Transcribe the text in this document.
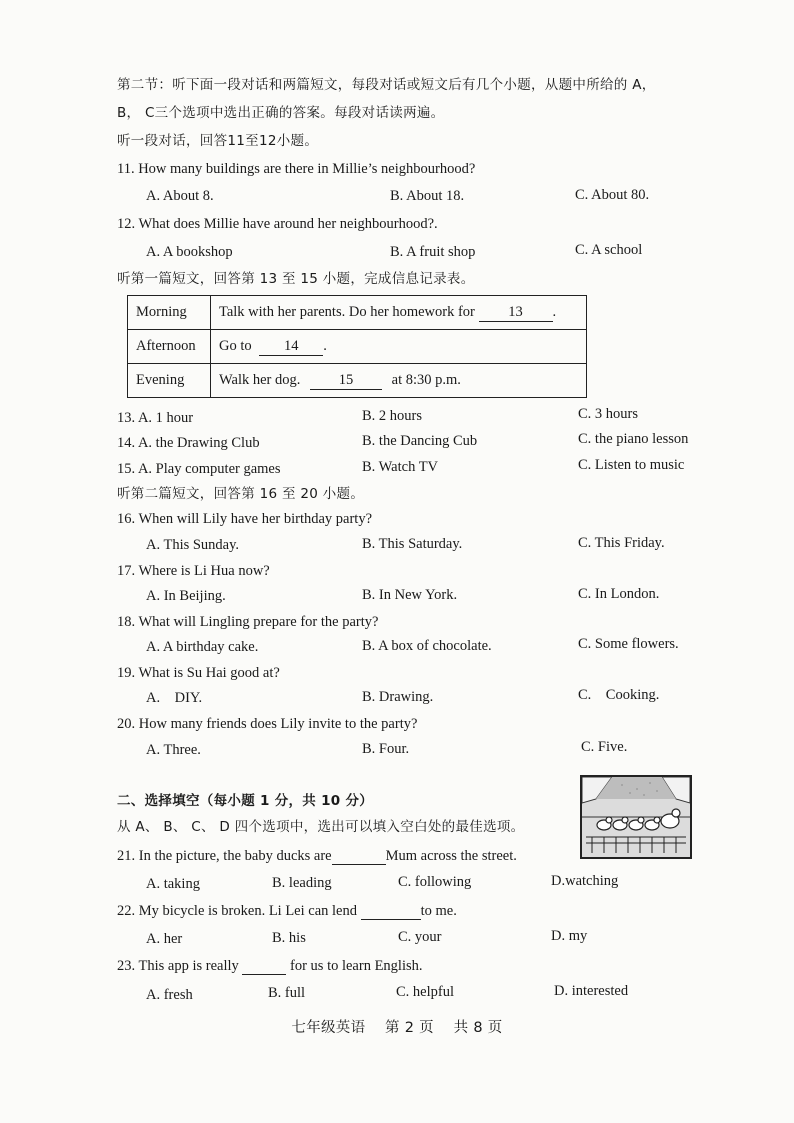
第二节：听下面一段对话和两篇短文，每段对话或短文后有几个小题，从题中所给的 A，
B， C三个选项中选出正确的答案。每段对话读两遍。
听一段对话，回答11至12小题。
11. How many buildings are there in Millie’s neighbourhood?
A. About 8.	B. About 18.	C. About 80.
12. What does Millie have around her neighbourhood?.
A. A bookshop	B. A fruit shop	C. A school
听第一篇短文，回答第 13 至 15 小题，完成信息记录表。
Morning	Talk with her parents. Do her homework for 13 .
Afternoon	Go to 14 .
Evening	Walk her dog. 15 at 8:30 p.m.
13. A. 1 hour	B. 2 hours	C. 3 hours
14. A. the Drawing Club	B. the Dancing Cub	C. the piano lesson
15. A. Play computer games	B. Watch TV	C. Listen to music
听第二篇短文，回答第 16 至 20 小题。
16. When will Lily have her birthday party?
A. This Sunday.	B. This Saturday.	C. This Friday.
17. Where is Li Hua now?
A. In Beijing.	B. In New York.	C. In London.
18. What will Lingling prepare for the party?
A. A birthday cake.	B. A box of chocolate.	C. Some flowers.
19. What is Su Hai good at?
A.    DIY.	B. Drawing.	C.    Cooking.
20. How many friends does Lily invite to the party?
A. Three.	B. Four.	C. Five.
二、选择填空（每小题 1 分，共 10 分）
从 A、 B、 C、 D 四个选项中，选出可以填入空白处的最佳选项。
21. In the picture, the baby ducks are	Mum across the street.
A. taking	B. leading	C. following	D.watching
22. My bicycle is broken. Li Lei can lend	to me.
A. her	B. his	C. your	D. my
23. This app is really	for us to learn English.
A. fresh	B. full	C. helpful	D. interested
七年级英语    第 2 页    共 8 页
